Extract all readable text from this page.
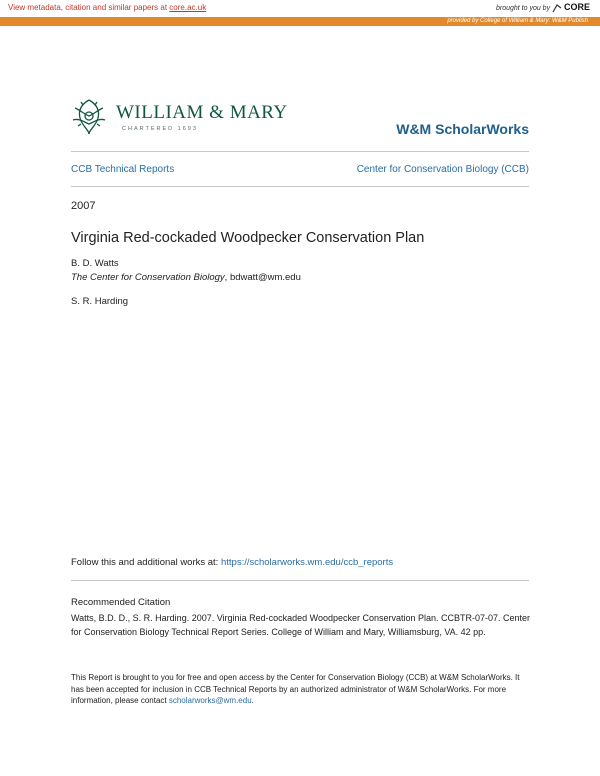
View metadata, citation and similar papers at core.ac.uk	brought to you by CORE
provided by College of William & Mary: W&M Publish
WILLIAM & MARY
CHARTERED 1693	W&M ScholarWorks
CCB Technical Reports	Center for Conservation Biology (CCB)
2007
Virginia Red-cockaded Woodpecker Conservation Plan
B. D. Watts
The Center for Conservation Biology, bdwatt@wm.edu
S. R. Harding
Follow this and additional works at: https://scholarworks.wm.edu/ccb_reports
Recommended Citation
Watts, B.D. D., S. R. Harding. 2007. Virginia Red-cockaded Woodpecker Conservation Plan. CCBTR-07-07. Center for Conservation Biology Technical Report Series. College of William and Mary, Williamsburg, VA. 42 pp.
This Report is brought to you for free and open access by the Center for Conservation Biology (CCB) at W&M ScholarWorks. It has been accepted for inclusion in CCB Technical Reports by an authorized administrator of W&M ScholarWorks. For more information, please contact scholarworks@wm.edu.
